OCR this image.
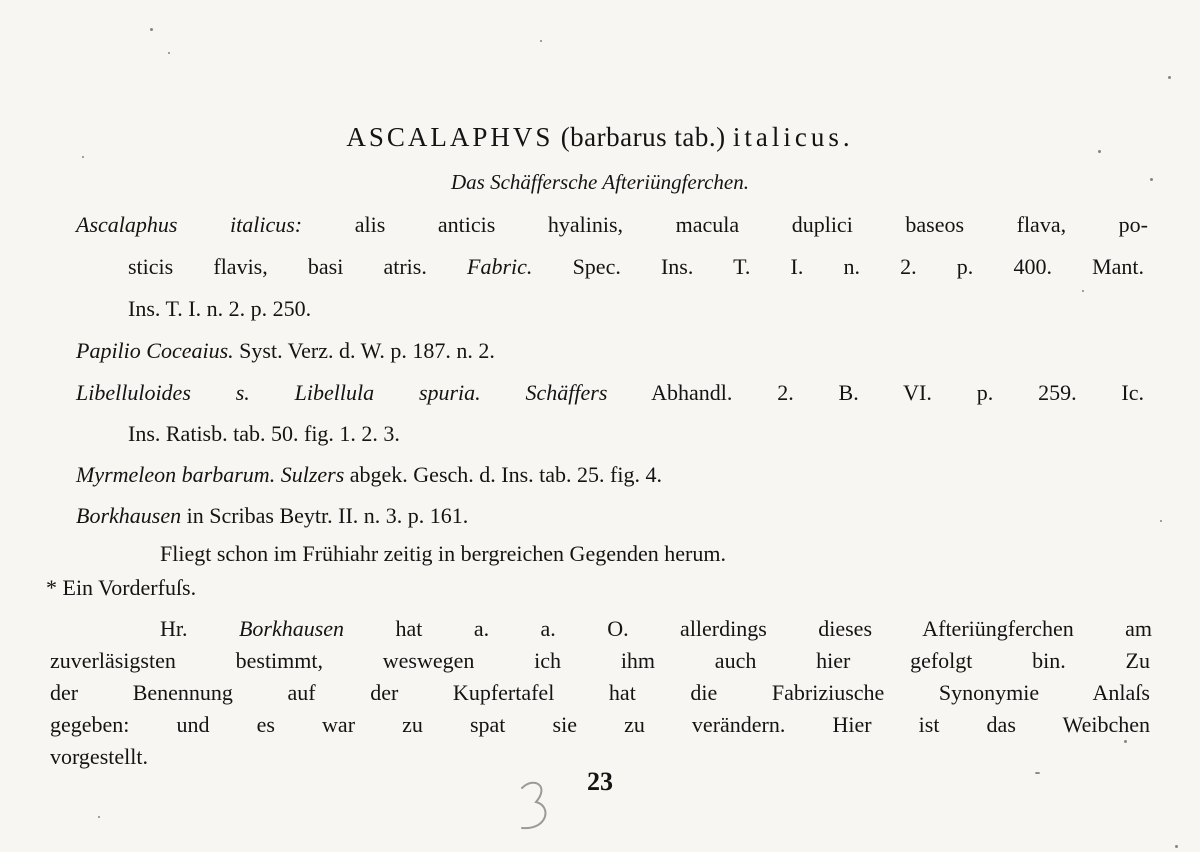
ASCALAPHVS (barbarus tab.) italicus.
Das Schäffersche Afteriüngferchen.
Ascalaphus italicus: alis anticis hyalinis, macula duplici baseos flava, po-
sticis flavis, basi atris. Fabric. Spec. Ins. T. I. n. 2. p. 400. Mant.
Ins. T. I. n. 2. p. 250.
Papilio Coceaius. Syst. Verz. d. W. p. 187. n. 2.
Libelluloides s. Libellula spuria. Schäffers Abhandl. 2. B. VI. p. 259. Ic.
Ins. Ratisb. tab. 50. fig. 1. 2. 3.
Myrmeleon barbarum. Sulzers abgek. Gesch. d. Ins. tab. 25. fig. 4.
Borkhausen in Scribas Beytr. II. n. 3. p. 161.
Fliegt schon im Frühiahr zeitig in bergreichen Gegenden herum.
* Ein Vorderfuſs.
Hr. Borkhausen hat a. a. O. allerdings dieses Afteriüngferchen am
zuverläsigsten bestimmt, weswegen ich ihm auch hier gefolgt bin. Zu
der Benennung auf der Kupfertafel hat die Fabriziusche Synonymie Anlaſs
gegeben: und es war zu spat sie zu verändern. Hier ist das Weibchen
vorgestellt.
23
